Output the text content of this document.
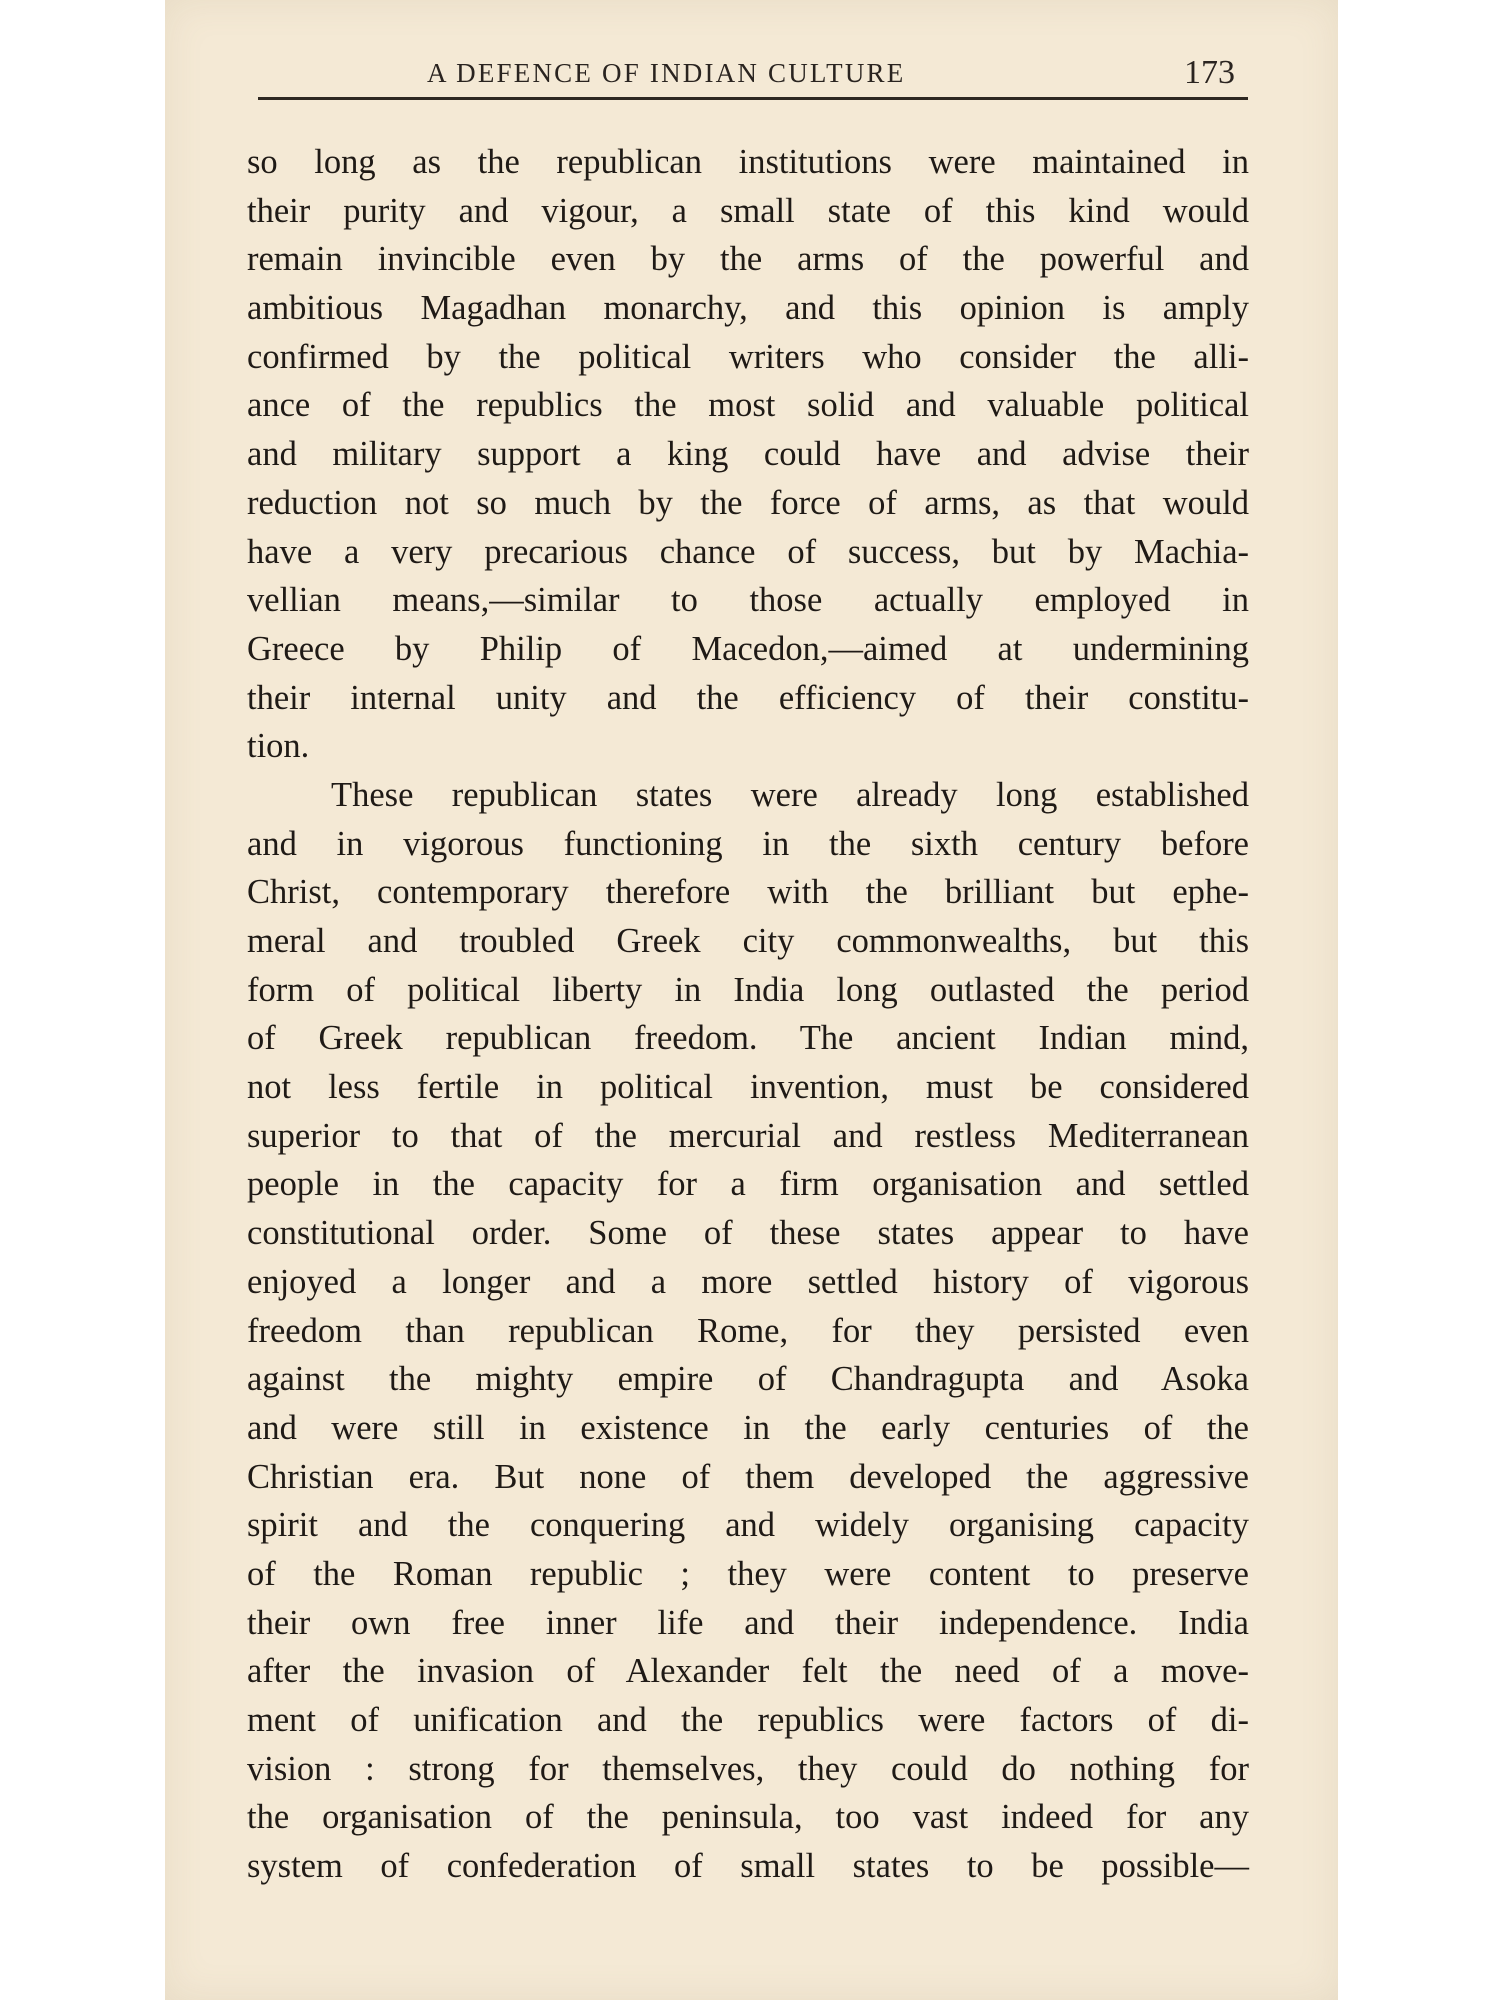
A DEFENCE OF INDIAN CULTURE	173
so long as the republican institutions were maintained in
their purity and vigour, a small state of this kind would
remain invincible even by the arms of the powerful and
ambitious Magadhan monarchy, and this opinion is amply
confirmed by the political writers who consider the alli-
ance of the republics the most solid and valuable political
and military support a king could have and advise their
reduction not so much by the force of arms, as that would
have a very precarious chance of success, but by Machia-
vellian means,—similar to those actually employed in
Greece by Philip of Macedon,—aimed at undermining
their internal unity and the efficiency of their constitu-
tion.
These republican states were already long established
and in vigorous functioning in the sixth century before
Christ, contemporary therefore with the brilliant but ephe-
meral and troubled Greek city commonwealths, but this
form of political liberty in India long outlasted the period
of Greek republican freedom. The ancient Indian mind,
not less fertile in political invention, must be considered
superior to that of the mercurial and restless Mediterranean
people in the capacity for a firm organisation and settled
constitutional order. Some of these states appear to have
enjoyed a longer and a more settled history of vigorous
freedom than republican Rome, for they persisted even
against the mighty empire of Chandragupta and Asoka
and were still in existence in the early centuries of the
Christian era. But none of them developed the aggressive
spirit and the conquering and widely organising capacity
of the Roman republic ; they were content to preserve
their own free inner life and their independence. India
after the invasion of Alexander felt the need of a move-
ment of unification and the republics were factors of di-
vision : strong for themselves, they could do nothing for
the organisation of the peninsula, too vast indeed for any
system of confederation of small states to be possible—
